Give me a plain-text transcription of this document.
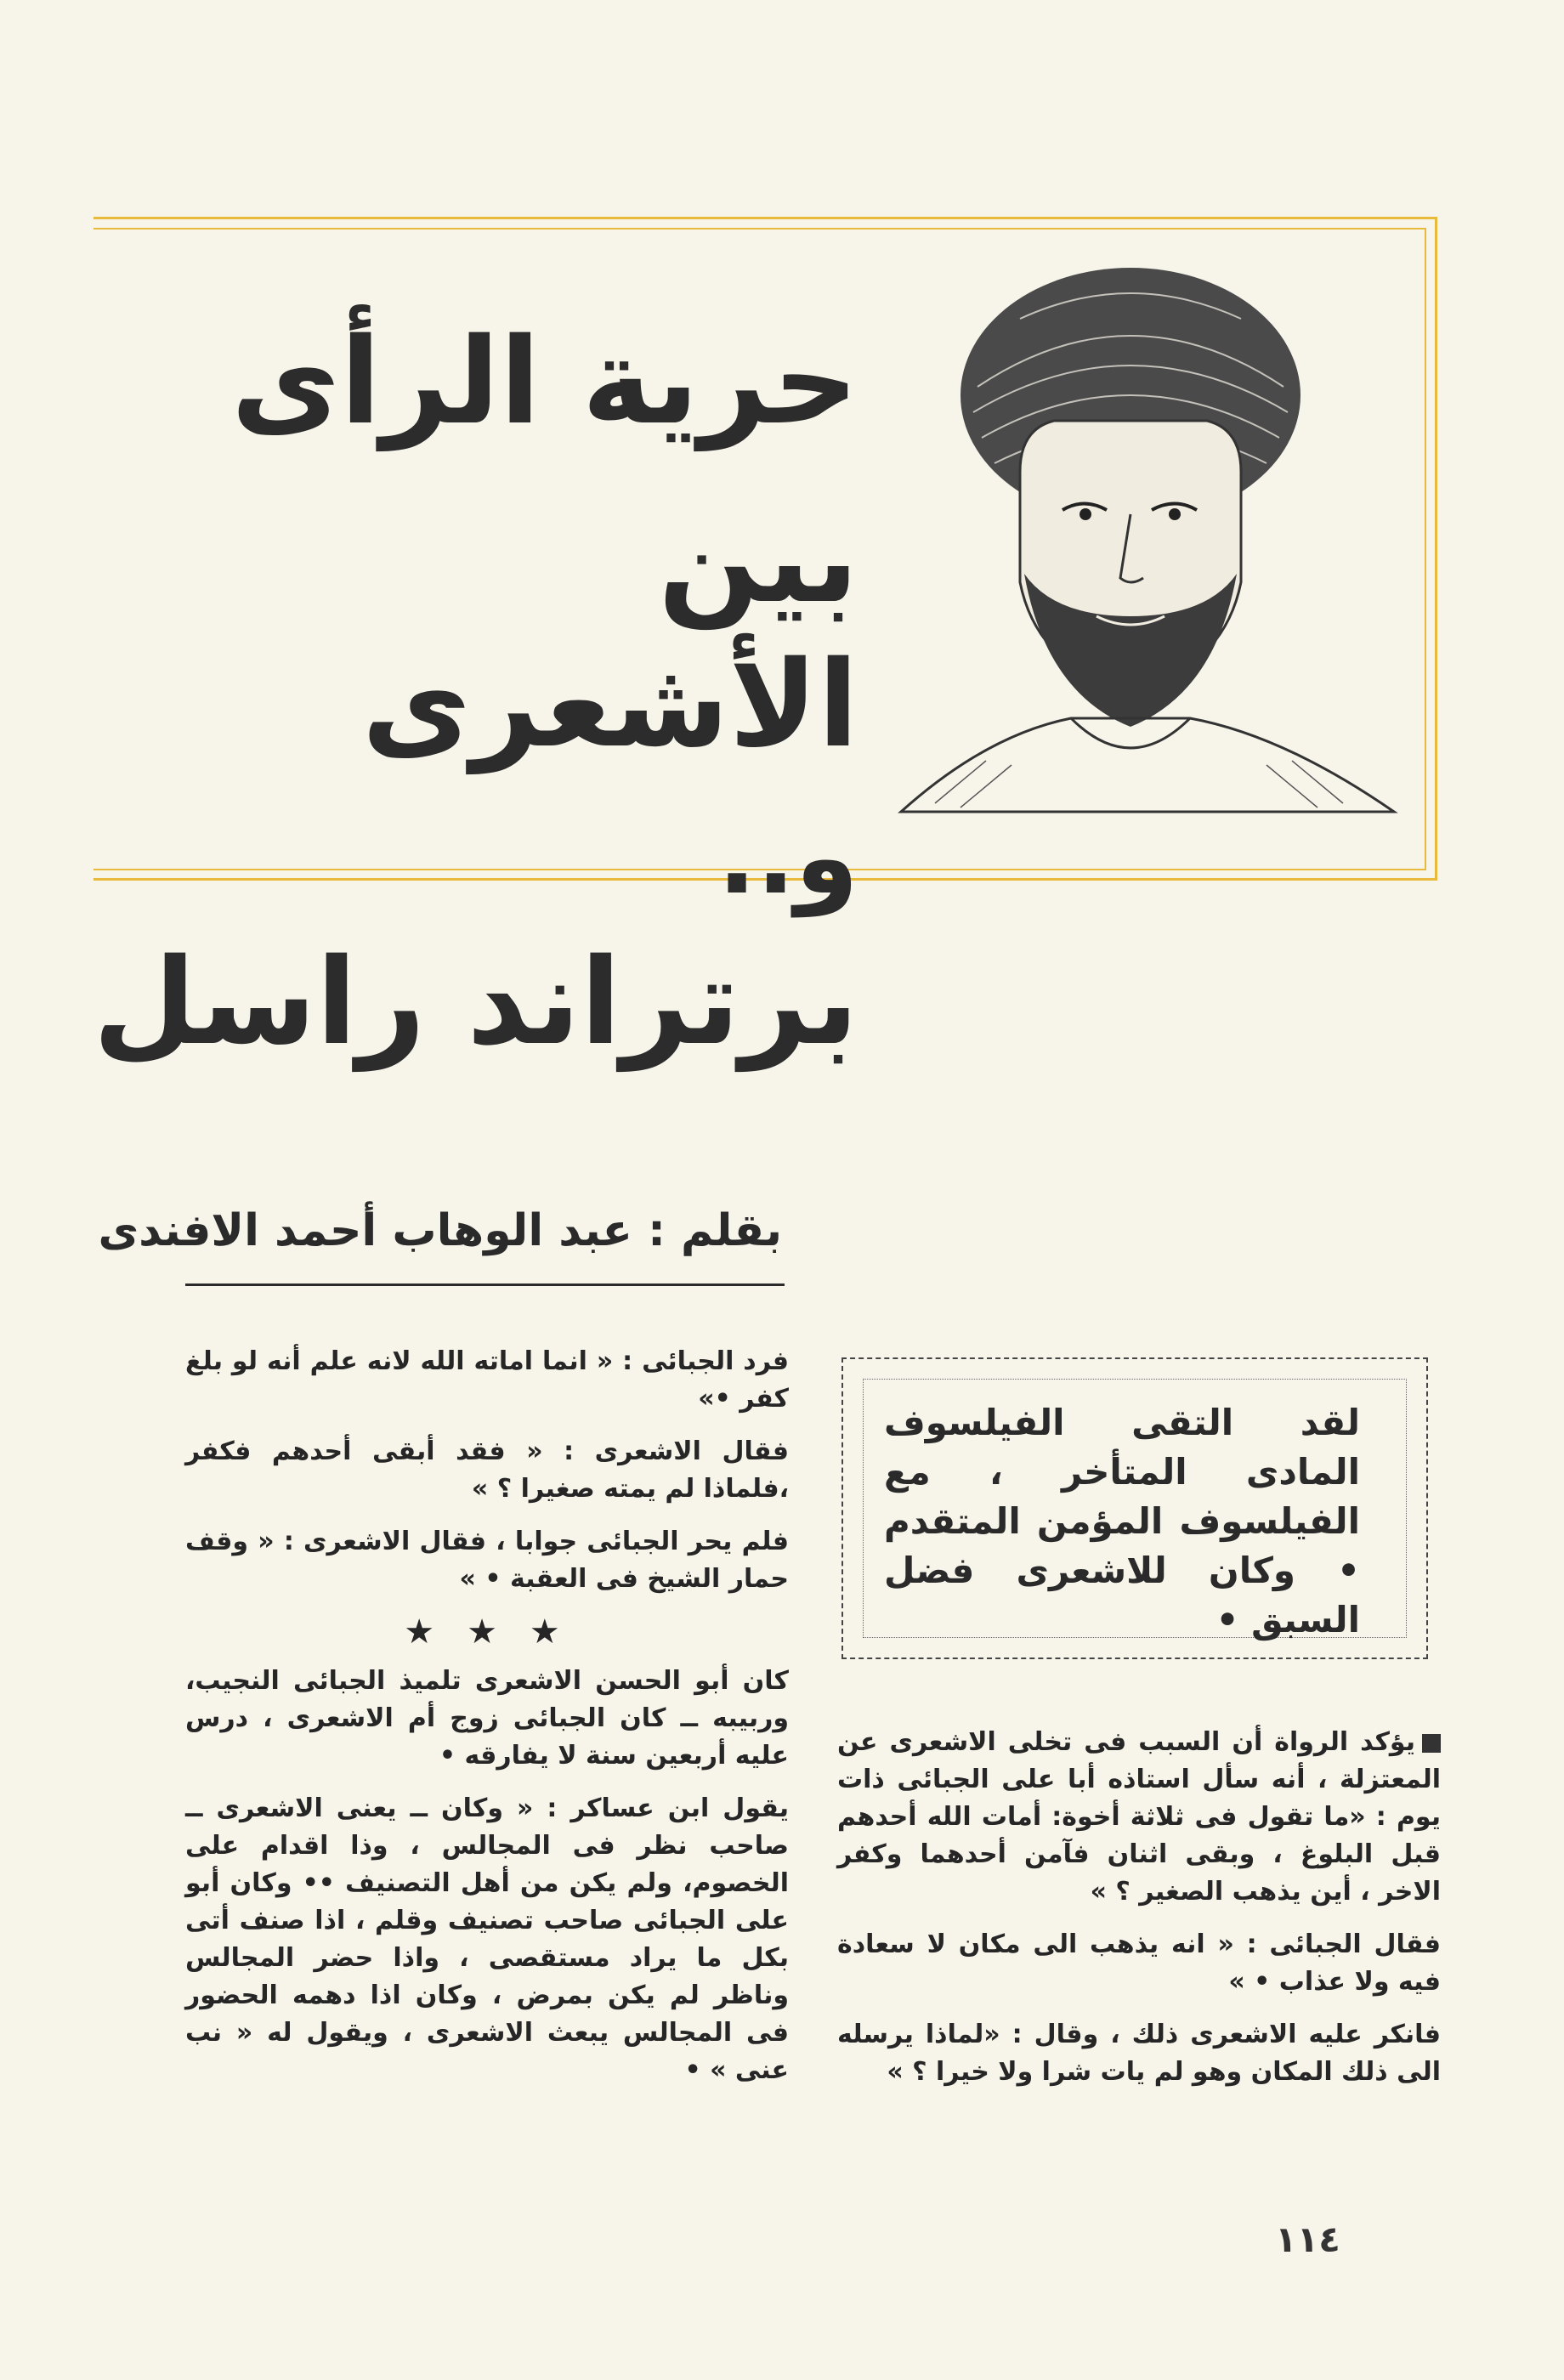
حرية الرأى
بين
الأشعرى
و..
برتراند راسل
بقلم : عبد الوهاب أحمد الافندى

فرد الجبائى : « انما اماته الله لانه علم أنه لو بلغ كفر •»

فقال الاشعرى : « فقد أبقى أحدهم فكفر ،فلماذا لم يمته صغيرا ؟ »

فلم يحر الجبائى جوابا ، فقال الاشعرى : « وقف حمار الشيخ فى العقبة • »

★ ★ ★

كان أبو الحسن الاشعرى تلميذ الجبائى النجيب، وربيبه ــ كان الجبائى زوج أم الاشعرى ، درس عليه أربعين سنة لا يفارقه •

يقول ابن عساكر : « وكان ــ يعنى الاشعرى ــ صاحب نظر فى المجالس ، وذا اقدام على الخصوم، ولم يكن من أهل التصنيف •• وكان أبو على الجبائى صاحب تصنيف وقلم ، اذا صنف أتى بكل ما يراد مستقصى ، واذا حضر المجالس وناظر لم يكن بمرض ، وكان اذا دهمه الحضور فى المجالس يبعث الاشعرى ، ويقول له « نب عنى » •

لقد التقى الفيلسوف المادى المتأخر ، مع الفيلسوف المؤمن المتقدم • وكان للاشعرى فضل السبق •

يؤكد الرواة أن السبب فى تخلى الاشعرى عن المعتزلة ، أنه سأل استاذه أبا على الجبائى ذات يوم : «ما تقول فى ثلاثة أخوة: أمات الله أحدهم قبل البلوغ ، وبقى اثنان فآمن أحدهما وكفر الاخر ، أين يذهب الصغير ؟ »

فقال الجبائى : « انه يذهب الى مكان لا سعادة فيه ولا عذاب • »

فانكر عليه الاشعرى ذلك ، وقال : «لماذا يرسله الى ذلك المكان وهو لم يات شرا ولا خيرا ؟ »

١١٤
